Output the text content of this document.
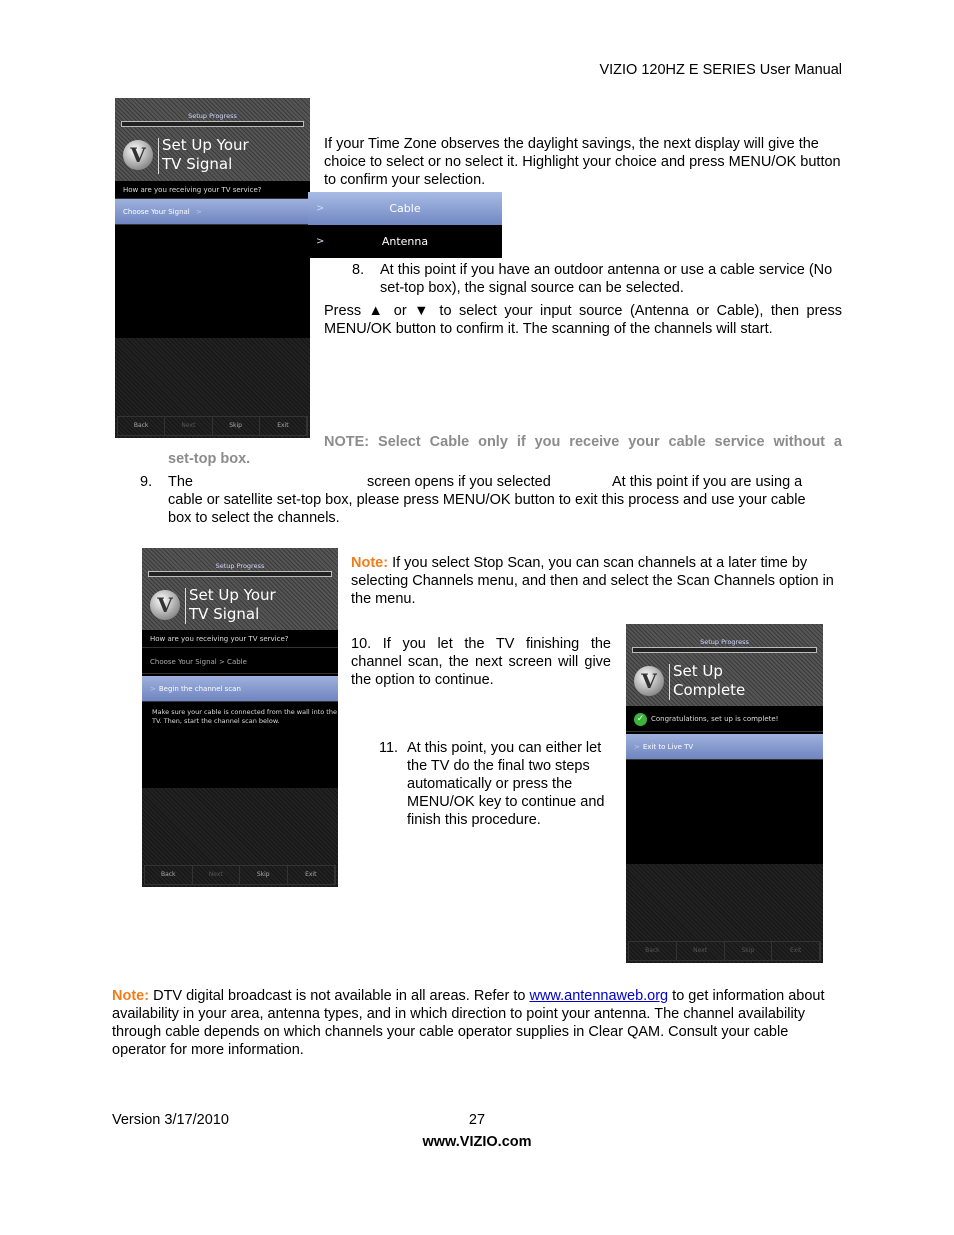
VIZIO 120HZ E SERIES User Manual
Setup Progress
V	Set Up Your
TV Signal
How are you receiving your TV service?
Choose Your Signal >
Back	Next	Skip	Exit
>	Cable
>	Antenna
If your Time Zone observes the daylight savings, the next display will give the choice to select or no select it. Highlight your choice and press MENU/OK button to confirm your selection.
8. At this point if you have an outdoor antenna or use a cable service (No set-top box), the signal source can be selected.
Press ▲ or ▼ to select your input source (Antenna or Cable), then press MENU/OK button to confirm it. The scanning of the channels will start.
NOTE: Select Cable only if you receive your cable service without a
set-top box.
9. The	screen opens if you selected	At this point if you are using a
cable or satellite set-top box, please press MENU/OK button to exit this process and use your cable box to select the channels.
Setup Progress
V	Set Up Your
TV Signal
How are you receiving your TV service?
Choose Your Signal > Cable
> Begin the channel scan
Make sure your cable is connected from the wall into the
TV. Then, start the channel scan below.
Back	Next	Skip	Exit
Note: If you select Stop Scan, you can scan channels at a later time by selecting Channels menu, and then and select the Scan Channels option in the menu.
10. If you let the TV finishing the channel scan, the next screen will give the option to continue.
11. At this point, you can either let the TV do the final two steps automatically or press the MENU/OK key to continue and finish this procedure.
Setup Progress
V	Set Up
Complete
✓ Congratulations, set up is complete!
> Exit to Live TV
Back	Next	Skip	Exit
Note: DTV digital broadcast is not available in all areas. Refer to www.antennaweb.org to get information about availability in your area, antenna types, and in which direction to point your antenna. The channel availability through cable depends on which channels your cable operator supplies in Clear QAM. Consult your cable operator for more information.
Version 3/17/2010	27
www.VIZIO.com
